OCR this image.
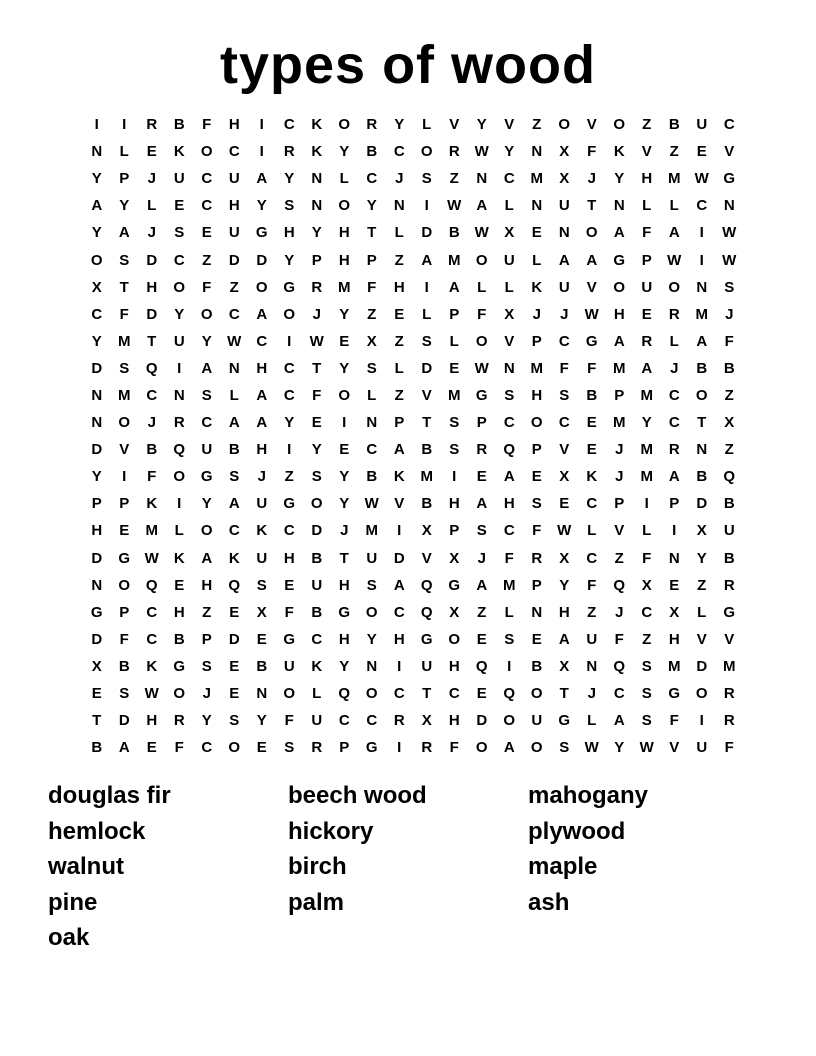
types of wood
I	I	R	B	F	H	I	C	K	O	R	Y	L	V	Y	V	Z	O	V	O	Z	B	U	C
N	L	E	K	O	C	I	R	K	Y	B	C	O	R W	Y	N	X	F	K	V	Z	E	V
Y	P	J	U	C	U	A	Y	N	L	C	J	S	Z	N	C	M	X	J	Y	H	M W G
A	Y	L	E	C	H	Y	S	N	O	Y	N	I	W	A	L	N	U	T	N	L	L	C	N
Y	A	J	S	E	U	G	H	Y	H	T	L	D	B W	X	E	N	O	A	F	A	I	W
O	S	D	C	Z	D	D	Y	P	H	P	Z	A	M	O	U	L	A	A	G	P	W	I	W
X	T	H	O	F	Z	O	G	R	M	F	H	I	A	L	L	K	U	V	O	U	O	N	S
C	F	D	Y	O	C	A	O	J	Y	Z	E	L	P	F	X	J	J	W	H	E	R	M	J
Y	M	T	U	Y	W	C	I	W	E	X	Z	S	L	O	V	P	C	G	A	R	L	A	F
D	S	Q	I	A	N	H	C	T	Y	S	L	D	E	W	N	M	F	F	M	A	J	B	B
N	M	C	N	S	L	A	C	F	O	L	Z	V	M	G	S	H	S	B	P	M	C	O	Z
N	O	J	R	C	A	A	Y	E	I	N	P	T	S	P	C	O	C	E	M	Y	C	T	X
D	V	B	Q	U	B	H	I	Y	E	C	A	B	S	R	Q	P	V	E	J	M	R	N	Z
Y	I	F	O	G	S	J	Z	S	Y	B	K	M	I	E	A	E	X	K	J	M	A	B	Q
P	P	K	I	Y	A	U	G	O	Y	W	V	B	H	A	H	S	E	C	P	I	P	D	B
H	E	M	L	O	C	K	C	D	J	M	I	X	P	S	C	F	W	L	V	L	I	X	U
D	G W	K	A	K	U	H	B	T	U	D	V	X	J	F	R	X	C	Z	F	N	Y	B
N	O	Q	E	H	Q	S	E	U	H	S	A	Q	G	A	M	P	Y	F	Q	X	E	Z	R
G	P	C	H	Z	E	X	F	B	G	O	C	Q	X	Z	L	N	H	Z	J	C	X	L	G
D	F	C	B	P	D	E	G	C	H	Y	H	G	O	E	S	E	A	U	F	Z	H	V	V
X	B	K	G	S	E	B	U	K	Y	N	I	U	H	Q	I	B	X	N	Q	S	M	D	M
E	S	W O	J	E	N	O	L	Q	O	C	T	C	E	Q	O	T	J	C	S	G	O	R
T	D	H	R	Y	S	Y	F	U	C	C	R	X	H	D	O	U	G	L	A	S	F	I	R
B	A	E	F	C	O	E	S	R	P	G	I	R	F	O	A	O	S	W	Y	W	V	U	F
douglas fir	beech wood	mahogany
hemlock	hickory	plywood
walnut	birch	maple
pine	palm	ash
oak
